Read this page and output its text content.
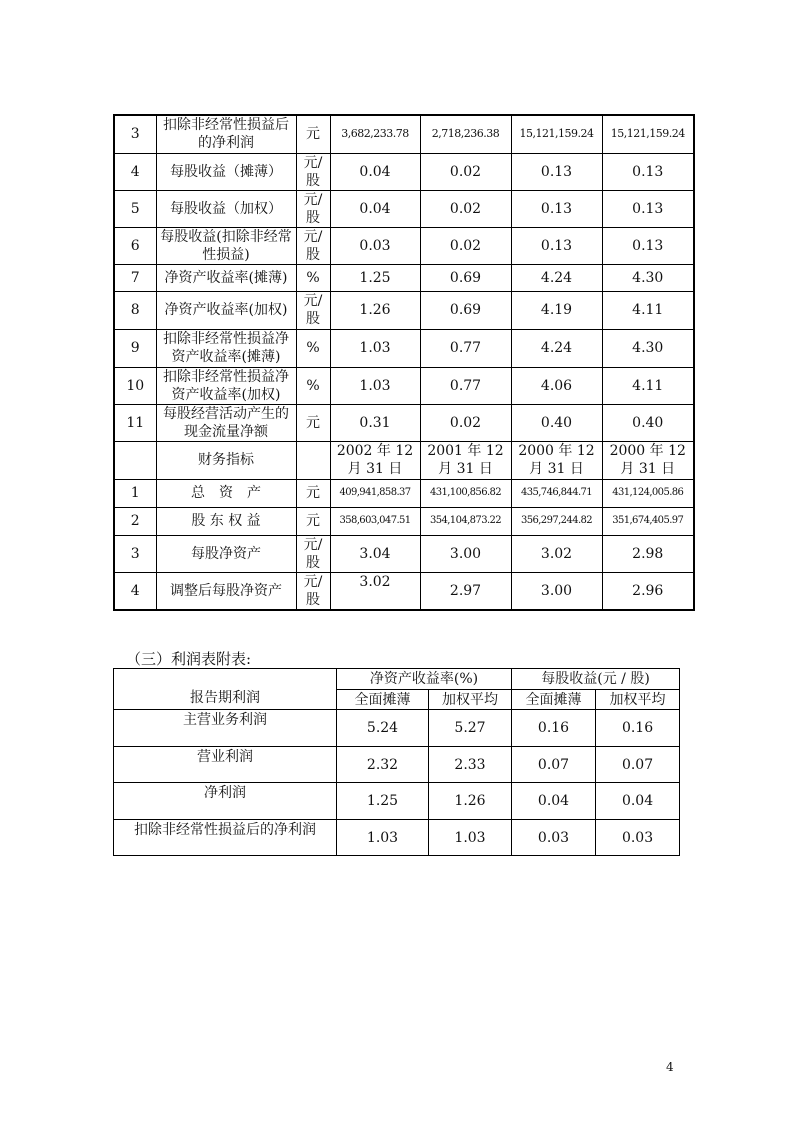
3	扣除非经常性损益后的净利润	元	3,682,233.78	2,718,236.38	15,121,159.24	15,121,159.24
4	每股收益（摊薄）	元/股	0.04	0.02	0.13	0.13
5	每股收益（加权）	元/股	0.04	0.02	0.13	0.13
6	每股收益(扣除非经常性损益)	元/股	0.03	0.02	0.13	0.13
7	净资产收益率(摊薄)	%	1.25	0.69	4.24	4.30
8	净资产收益率(加权)	元/股	1.26	0.69	4.19	4.11
9	扣除非经常性损益净资产收益率(摊薄)	%	1.03	0.77	4.24	4.30
10	扣除非经常性损益净资产收益率(加权)	%	1.03	0.77	4.06	4.11
11	每股经营活动产生的现金流量净额	元	0.31	0.02	0.40	0.40
	财务指标		2002 年 12 月 31 日	2001 年 12 月 31 日	2000 年 12 月 31 日	2000 年 12 月 31 日
1	总　资　产	元	409,941,858.37	431,100,856.82	435,746,844.71	431,124,005.86
2	股 东 权 益	元	358,603,047.51	354,104,873.22	356,297,244.82	351,674,405.97
3	每股净资产	元/股	3.04	3.00	3.02	2.98
4	调整后每股净资产	元/股	3.02	2.97	3.00	2.96
（三）利润表附表:
报告期利润	净资产收益率(%)		每股收益(元 / 股)	
	全面摊薄	加权平均	全面摊薄	加权平均
主营业务利润	5.24	5.27	0.16	0.16
营业利润	2.32	2.33	0.07	0.07
净利润	1.25	1.26	0.04	0.04
扣除非经常性损益后的净利润	1.03	1.03	0.03	0.03
4
